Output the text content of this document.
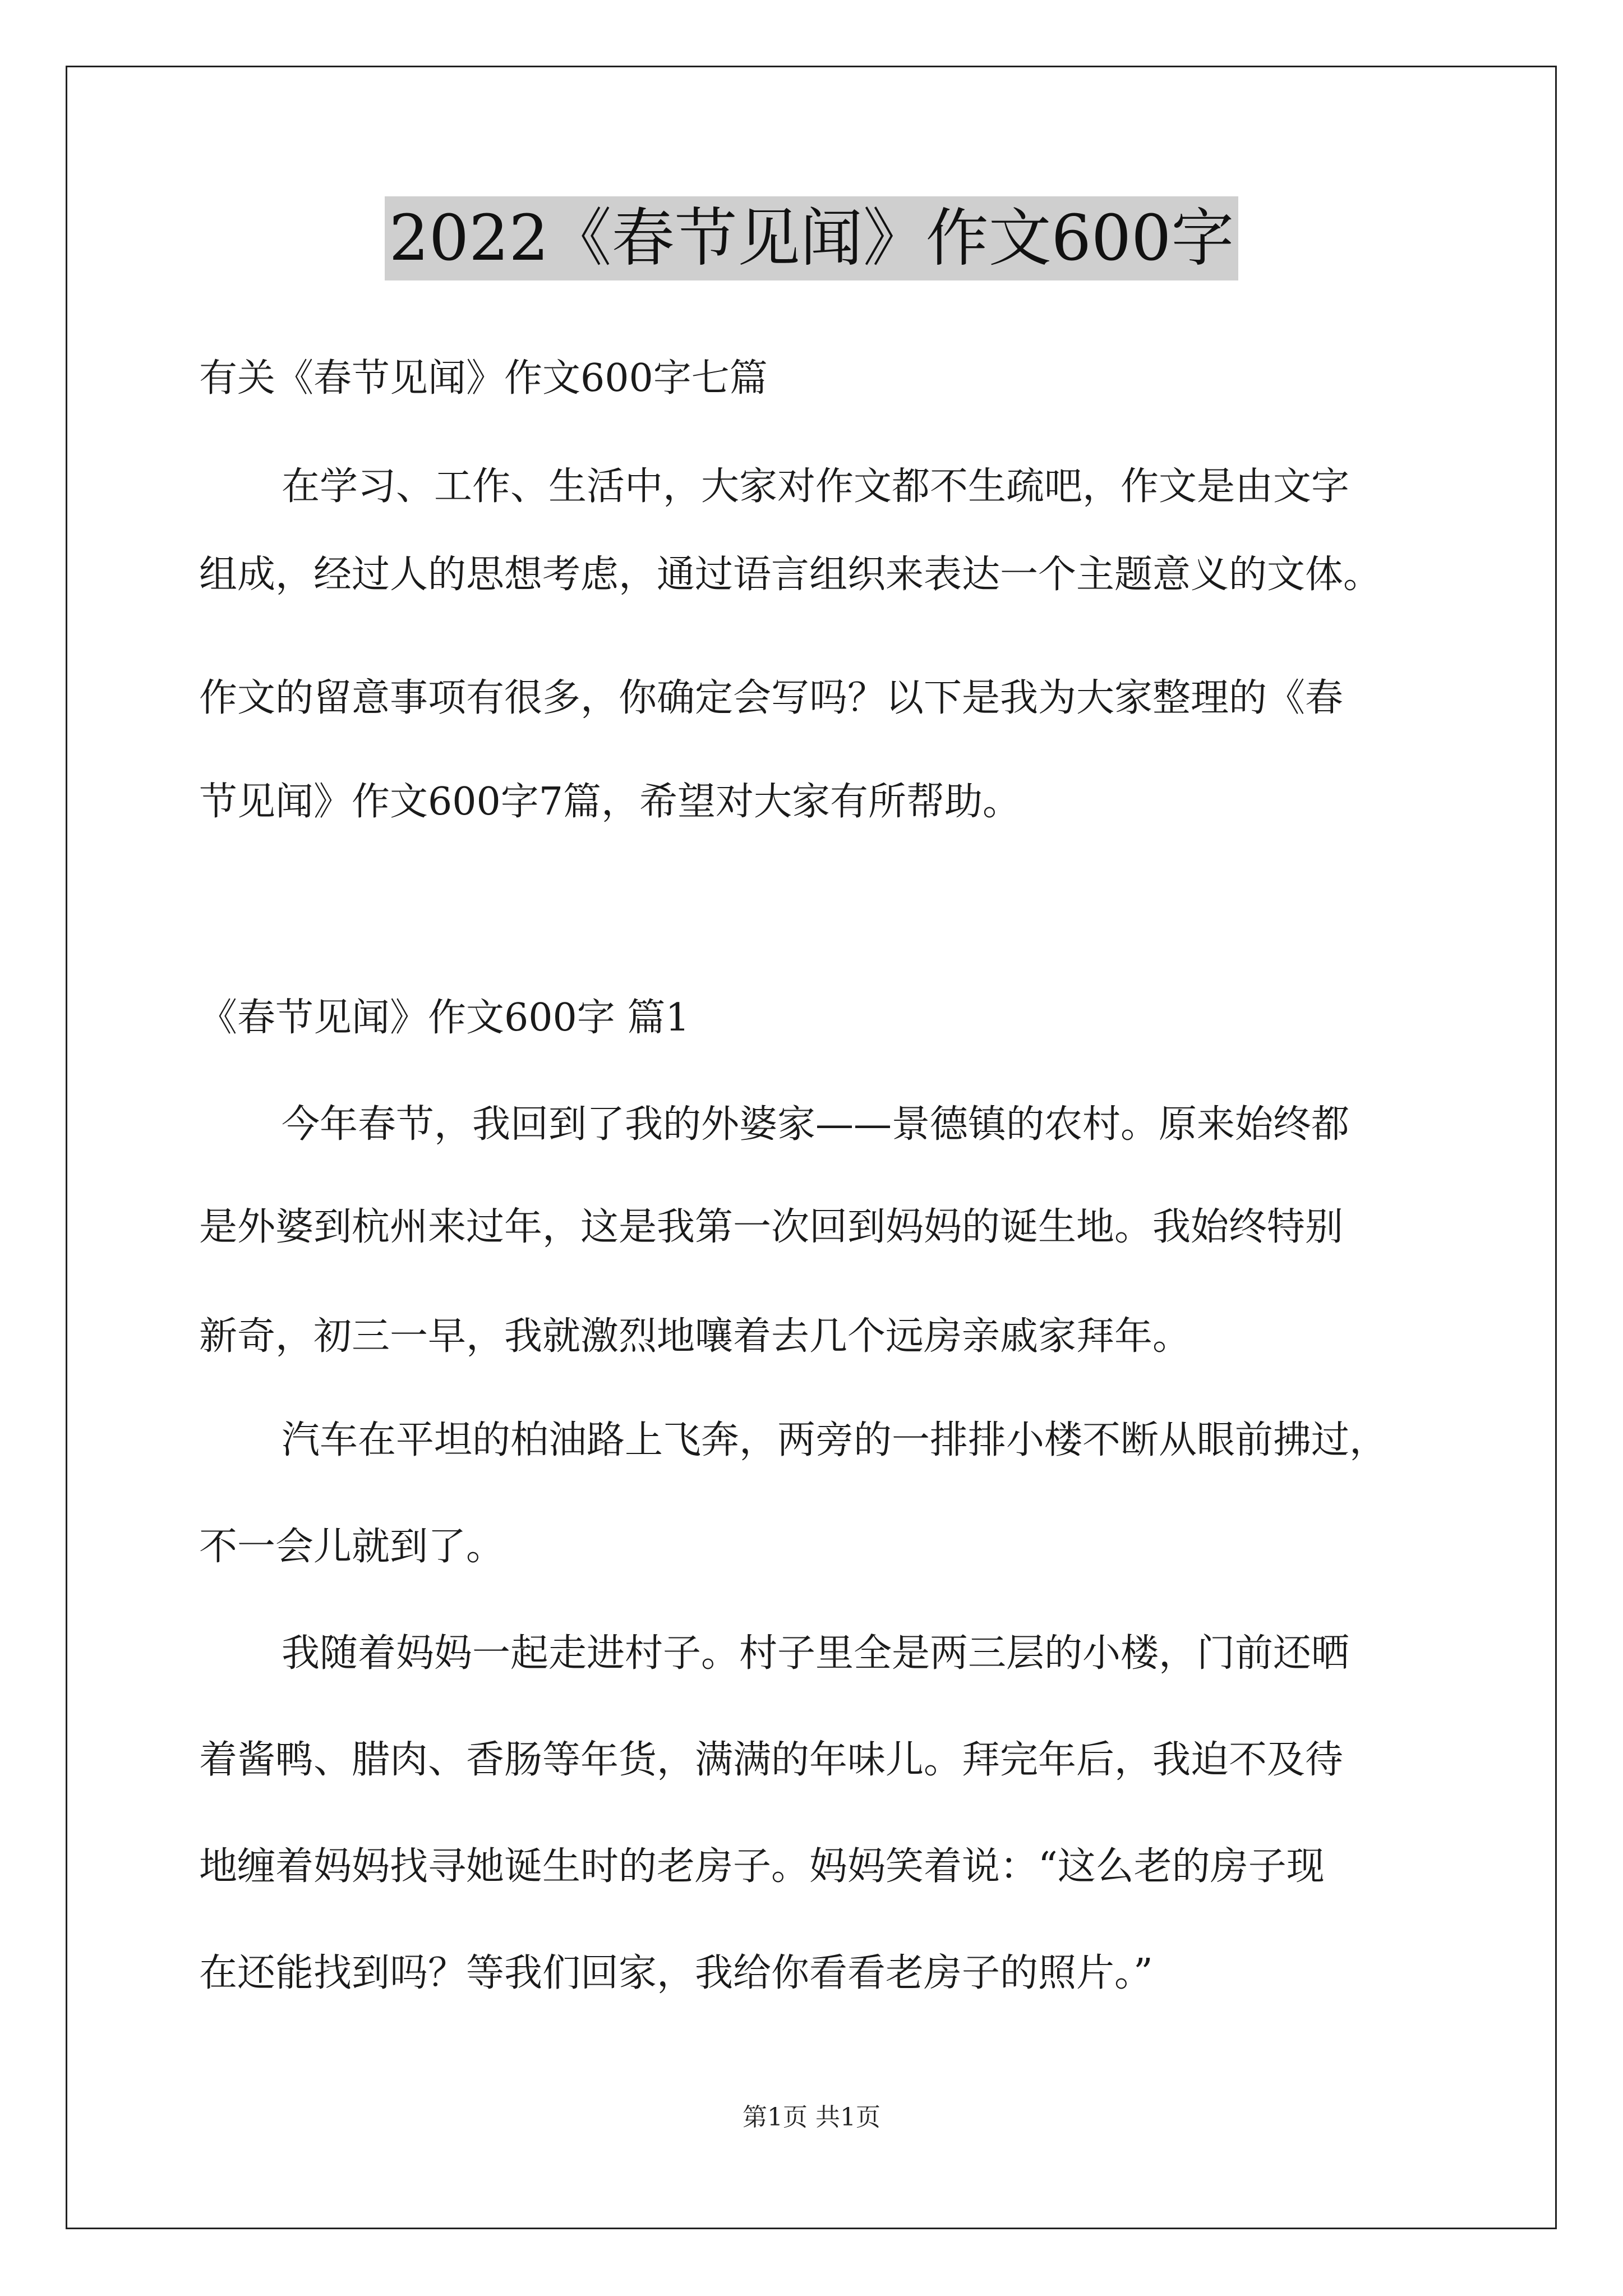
2022《春节见闻》作文600字
有关《春节见闻》作文600字七篇
在学习、工作、生活中，大家对作文都不生疏吧，作文是由文字
组成，经过人的思想考虑，通过语言组织来表达一个主题意义的文体。
作文的留意事项有很多，你确定会写吗？以下是我为大家整理的《春
节见闻》作文600字7篇，希望对大家有所帮助。
《春节见闻》作文600字 篇1
今年春节，我回到了我的外婆家——景德镇的农村。原来始终都
是外婆到杭州来过年，这是我第一次回到妈妈的诞生地。我始终特别
新奇，初三一早，我就激烈地嚷着去几个远房亲戚家拜年。
汽车在平坦的柏油路上飞奔，两旁的一排排小楼不断从眼前拂过，
不一会儿就到了。
我随着妈妈一起走进村子。村子里全是两三层的小楼，门前还晒
着酱鸭、腊肉、香肠等年货，满满的年味儿。拜完年后，我迫不及待
地缠着妈妈找寻她诞生时的老房子。妈妈笑着说：“这么老的房子现
在还能找到吗？等我们回家，我给你看看老房子的照片。”
第1页 共1页
